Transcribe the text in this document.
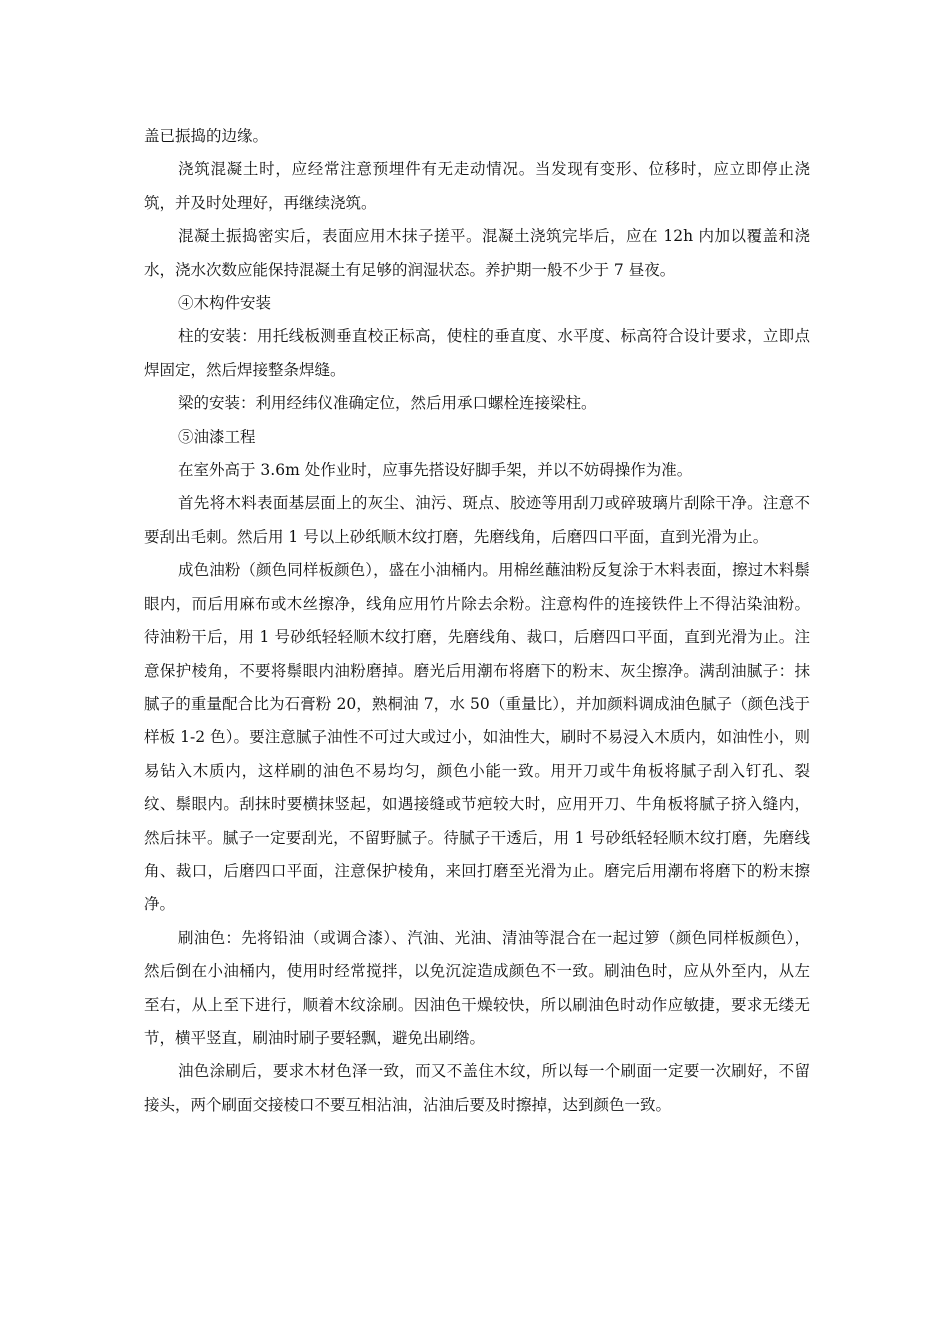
盖已振捣的边缘。

浇筑混凝土时，应经常注意预埋件有无走动情况。当发现有变形、位移时，应立即停止浇筑，并及时处理好，再继续浇筑。

混凝土振捣密实后，表面应用木抹子搓平。混凝土浇筑完毕后，应在 12h 内加以覆盖和浇水，浇水次数应能保持混凝土有足够的润湿状态。养护期一般不少于 7 昼夜。

④木构件安装

柱的安装：用托线板测垂直校正标高，使柱的垂直度、水平度、标高符合设计要求，立即点焊固定，然后焊接整条焊缝。

梁的安装：利用经纬仪准确定位，然后用承口螺栓连接梁柱。

⑤油漆工程

在室外高于 3.6m 处作业时，应事先搭设好脚手架，并以不妨碍操作为准。

首先将木料表面基层面上的灰尘、油污、斑点、胶迹等用刮刀或碎玻璃片刮除干净。注意不要刮出毛刺。然后用 1 号以上砂纸顺木纹打磨，先磨线角，后磨四口平面，直到光滑为止。

成色油粉（颜色同样板颜色），盛在小油桶内。用棉丝蘸油粉反复涂于木料表面，擦过木料鬃眼内，而后用麻布或木丝擦净，线角应用竹片除去余粉。注意构件的连接铁件上不得沾染油粉。待油粉干后，用 1 号砂纸轻轻顺木纹打磨，先磨线角、裁口，后磨四口平面，直到光滑为止。注意保护棱角，不要将鬃眼内油粉磨掉。磨光后用潮布将磨下的粉末、灰尘擦净。满刮油腻子：抹腻子的重量配合比为石膏粉 20，熟桐油 7，水 50（重量比），并加颜料调成油色腻子（颜色浅于样板 1-2 色）。要注意腻子油性不可过大或过小，如油性大，刷时不易浸入木质内，如油性小，则易钻入木质内，这样刷的油色不易均匀，颜色小能一致。用开刀或牛角板将腻子刮入钉孔、裂纹、鬃眼内。刮抹时要横抹竖起，如遇接缝或节疤较大时，应用开刀、牛角板将腻子挤入缝内，然后抹平。腻子一定要刮光，不留野腻子。待腻子干透后，用 1 号砂纸轻轻顺木纹打磨，先磨线角、裁口，后磨四口平面，注意保护棱角，来回打磨至光滑为止。磨完后用潮布将磨下的粉末擦净。

刷油色：先将铅油（或调合漆）、汽油、光油、清油等混合在一起过箩（颜色同样板颜色），然后倒在小油桶内，使用时经常搅拌，以免沉淀造成颜色不一致。刷油色时，应从外至内，从左至右，从上至下进行，顺着木纹涂刷。因油色干燥较快，所以刷油色时动作应敏捷，要求无缕无节，横平竖直，刷油时刷子要轻飘，避免出刷绺。

油色涂刷后，要求木材色泽一致，而又不盖住木纹，所以每一个刷面一定要一次刷好，不留接头，两个刷面交接棱口不要互相沾油，沾油后要及时擦掉，达到颜色一致。
